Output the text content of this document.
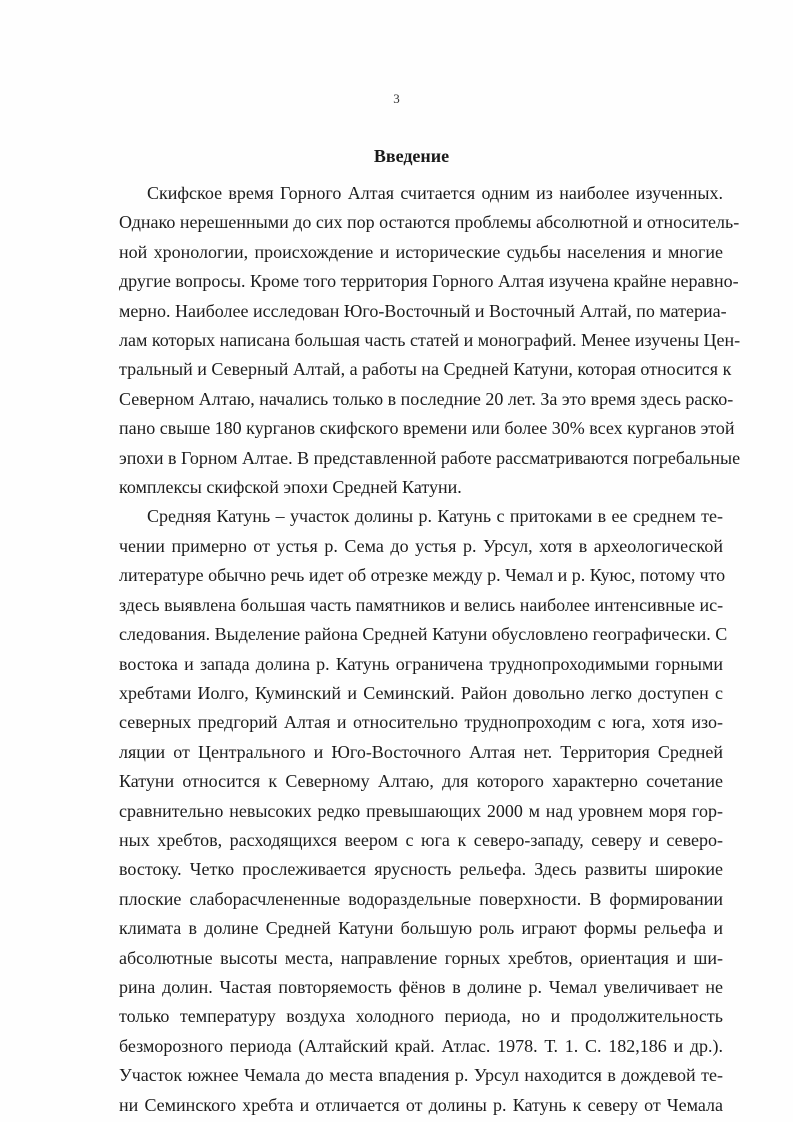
3
Введение
Скифское время Горного Алтая считается одним из наиболее изученных.
Однако нерешенными до сих пор остаются проблемы абсолютной и относитель-
ной хронологии, происхождение и исторические судьбы населения и многие
другие вопросы. Кроме того территория Горного Алтая изучена крайне неравно-
мерно. Наиболее исследован Юго-Восточный и Восточный Алтай, по материа-
лам которых написана большая часть статей и монографий. Менее изучены Цен-
тральный и Северный Алтай, а работы на Средней Катуни, которая относится к
Северном Алтаю, начались только в последние 20 лет. За это время здесь раско-
пано свыше 180 курганов скифского времени или более 30% всех курганов этой
эпохи в Горном Алтае. В представленной работе рассматриваются погребальные
комплексы скифской эпохи Средней Катуни.
Средняя Катунь – участок долины р. Катунь с притоками в ее среднем те-
чении примерно от устья р. Сема до устья р. Урсул, хотя в археологической
литературе обычно речь идет об отрезке между р. Чемал и р. Куюс, потому что
здесь выявлена большая часть памятников и велись наиболее интенсивные ис-
следования. Выделение района Средней Катуни обусловлено географически. С
востока и запада долина р. Катунь ограничена труднопроходимыми горными
хребтами Иолго, Куминский и Семинский. Район довольно легко доступен с
северных предгорий Алтая и относительно труднопроходим с юга, хотя изо-
ляции от Центрального и Юго-Восточного Алтая нет. Территория Средней
Катуни относится к Северному Алтаю, для которого характерно сочетание
сравнительно невысоких редко превышающих 2000 м над уровнем моря гор-
ных хребтов, расходящихся веером с юга к северо-западу, северу и северо-
востоку. Четко прослеживается ярусность рельефа. Здесь развиты широкие
плоские слаборасчлененные водораздельные поверхности. В формировании
климата в долине Средней Катуни большую роль играют формы рельефа и
абсолютные высоты места, направление горных хребтов, ориентация и ши-
рина долин. Частая повторяемость фёнов в долине р. Чемал увеличивает не
только температуру воздуха холодного периода, но и продолжительность
безморозного периода (Алтайский край. Атлас. 1978. Т. 1. С. 182,186 и др.).
Участок южнее Чемала до места впадения р. Урсул находится в дождевой те-
ни Семинского хребта и отличается от долины р. Катунь к северу от Чемала
